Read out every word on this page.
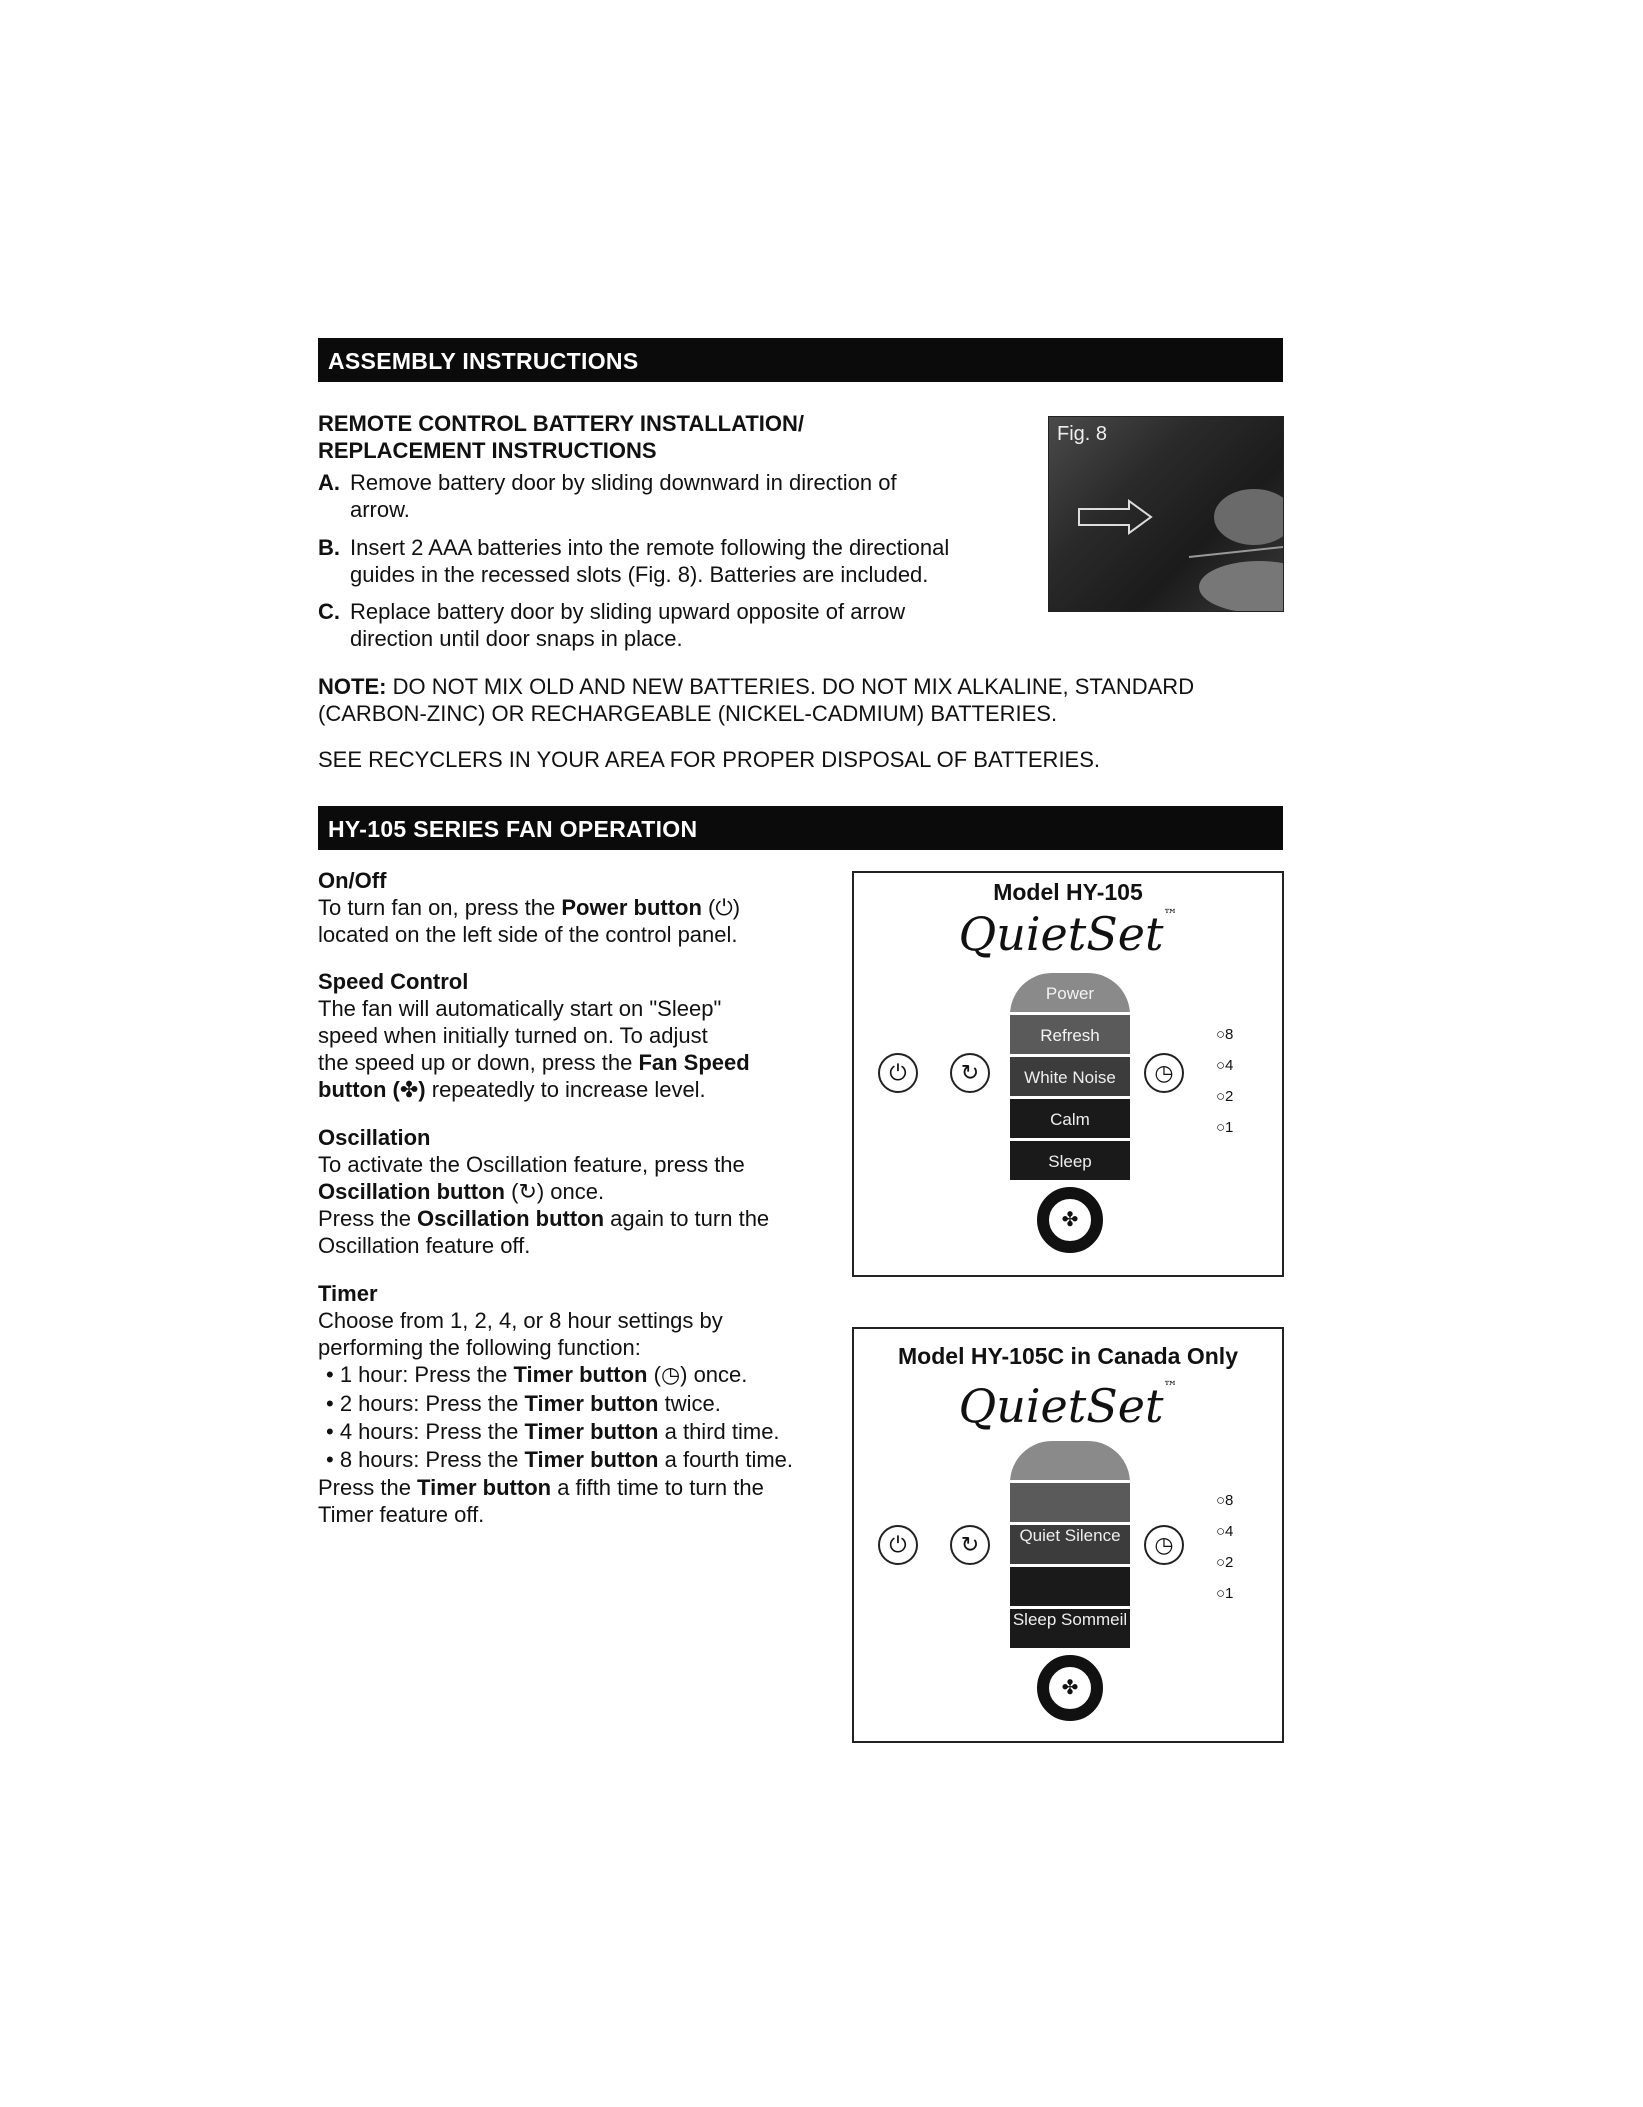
ASSEMBLY INSTRUCTIONS
REMOTE CONTROL BATTERY INSTALLATION/
REPLACEMENT INSTRUCTIONS
A. Remove battery door by sliding downward in direction of
arrow.
B. Insert 2 AAA batteries into the remote following the directional
guides in the recessed slots (Fig. 8). Batteries are included.
C. Replace battery door by sliding upward opposite of arrow
direction until door snaps in place.
Fig. 8
NOTE: DO NOT MIX OLD AND NEW BATTERIES. DO NOT MIX ALKALINE, STANDARD
(CARBON-ZINC) OR RECHARGEABLE (NICKEL-CADMIUM) BATTERIES.
SEE RECYCLERS IN YOUR AREA FOR PROPER DISPOSAL OF BATTERIES.
HY-105 SERIES FAN OPERATION
On/Off
To turn fan on, press the Power button (⏻)
located on the left side of the control panel.
Speed Control
The fan will automatically start on "Sleep"
speed when initially turned on. To adjust
the speed up or down, press the Fan Speed
button (✤) repeatedly to increase level.
Oscillation
To activate the Oscillation feature, press the
Oscillation button (↻) once.
Press the Oscillation button again to turn the
Oscillation feature off.
Timer
Choose from 1, 2, 4, or 8 hour settings by
performing the following function:
• 1 hour: Press the Timer button (◷) once.
• 2 hours: Press the Timer button twice.
• 4 hours: Press the Timer button a third time.
• 8 hours: Press the Timer button a fourth time.
Press the Timer button a fifth time to turn the
Timer feature off.
Model HY-105
QuietSet™
⏻	↻	◷
Power
Refresh
White Noise
Calm
Sleep
✤
○8
○4
○2
○1
Model HY-105C in Canada Only
QuietSet™
⏻	↻	◷
Quiet Silence
Sleep Sommeil
✤
○8
○4
○2
○1
